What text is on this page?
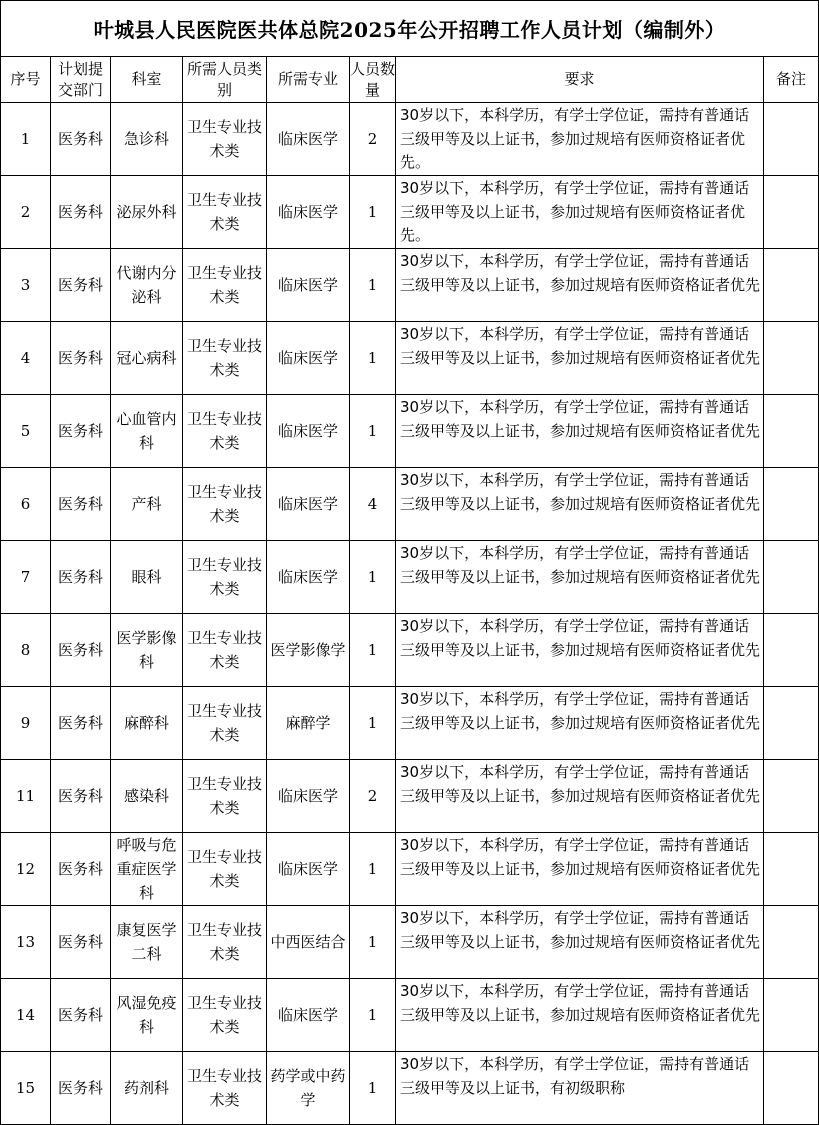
叶城县人民医院医共体总院2025年公开招聘工作人员计划（编制外）							
序号	计划提交部门	科室	所需人员类别	所需专业	人员数量	要求	备注
1	医务科	急诊科	卫生专业技术类	临床医学	2	30岁以下，本科学历，有学士学位证，需持有普通话三级甲等及以上证书，参加过规培有医师资格证者优先。	
2	医务科	泌尿外科	卫生专业技术类	临床医学	1	30岁以下，本科学历，有学士学位证，需持有普通话三级甲等及以上证书，参加过规培有医师资格证者优先。	
3	医务科	代谢内分泌科	卫生专业技术类	临床医学	1	30岁以下，本科学历，有学士学位证，需持有普通话三级甲等及以上证书，参加过规培有医师资格证者优先	
4	医务科	冠心病科	卫生专业技术类	临床医学	1	30岁以下，本科学历，有学士学位证，需持有普通话三级甲等及以上证书，参加过规培有医师资格证者优先	
5	医务科	心血管内科	卫生专业技术类	临床医学	1	30岁以下，本科学历，有学士学位证，需持有普通话三级甲等及以上证书，参加过规培有医师资格证者优先	
6	医务科	产科	卫生专业技术类	临床医学	4	30岁以下，本科学历，有学士学位证，需持有普通话三级甲等及以上证书，参加过规培有医师资格证者优先	
7	医务科	眼科	卫生专业技术类	临床医学	1	30岁以下，本科学历，有学士学位证，需持有普通话三级甲等及以上证书，参加过规培有医师资格证者优先	
8	医务科	医学影像科	卫生专业技术类	医学影像学	1	30岁以下，本科学历，有学士学位证，需持有普通话三级甲等及以上证书，参加过规培有医师资格证者优先	
9	医务科	麻醉科	卫生专业技术类	麻醉学	1	30岁以下，本科学历，有学士学位证，需持有普通话三级甲等及以上证书，参加过规培有医师资格证者优先	
11	医务科	感染科	卫生专业技术类	临床医学	2	30岁以下，本科学历，有学士学位证，需持有普通话三级甲等及以上证书，参加过规培有医师资格证者优先	
12	医务科	呼吸与危重症医学科	卫生专业技术类	临床医学	1	30岁以下，本科学历，有学士学位证，需持有普通话三级甲等及以上证书，参加过规培有医师资格证者优先	
13	医务科	康复医学二科	卫生专业技术类	中西医结合	1	30岁以下，本科学历，有学士学位证，需持有普通话三级甲等及以上证书，参加过规培有医师资格证者优先	
14	医务科	风湿免疫科	卫生专业技术类	临床医学	1	30岁以下，本科学历，有学士学位证，需持有普通话三级甲等及以上证书，参加过规培有医师资格证者优先	
15	医务科	药剂科	卫生专业技术类	药学或中药学	1	30岁以下，本科学历，有学士学位证，需持有普通话三级甲等及以上证书，有初级职称	
